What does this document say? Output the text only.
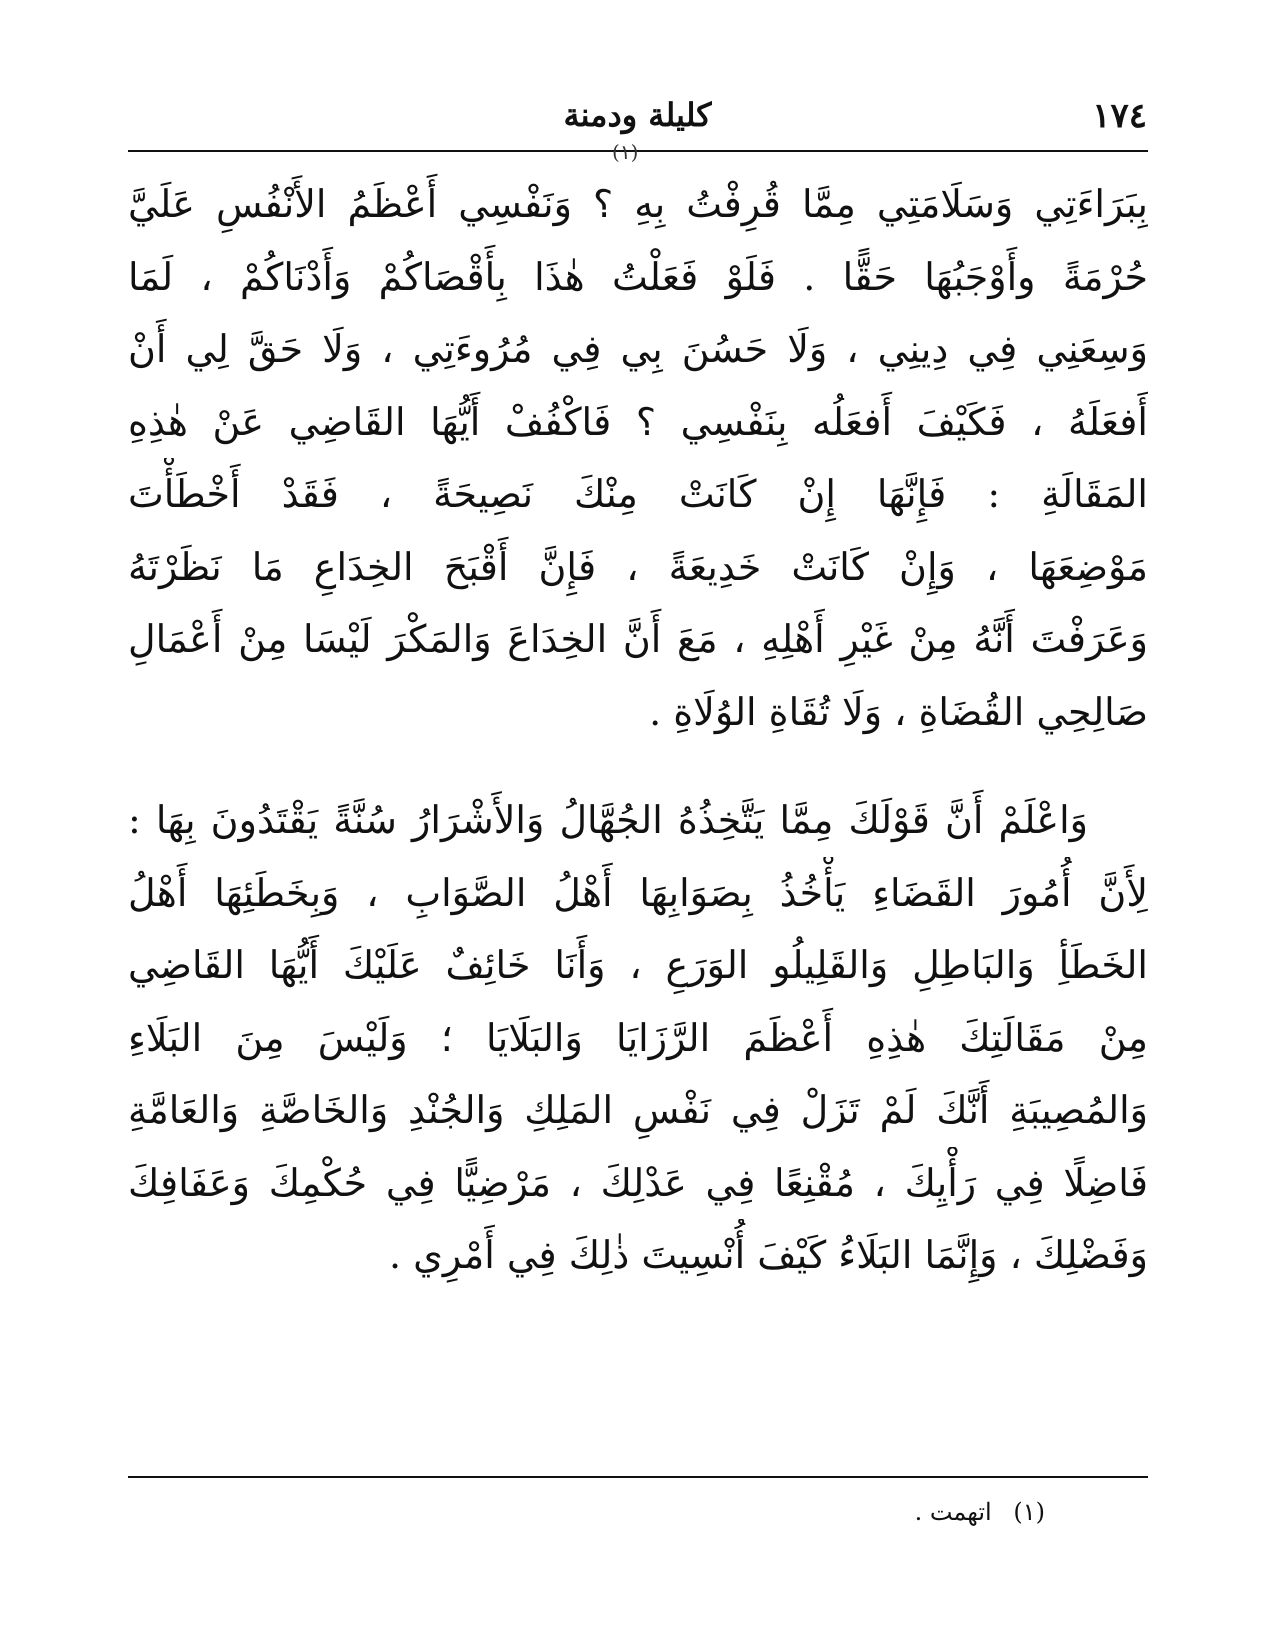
١٧٤
كليلة ودمنة
(١)
بِبَرَاءَتِي وَسَلَامَتِي مِمَّا قُرِفْتُ بِهِ ؟ وَنَفْسِي أَعْظَمُ الأَنْفُسِ عَلَيَّ
حُرْمَةً وأَوْجَبُهَا حَقًّا . فَلَوْ فَعَلْتُ هٰذَا بِأَقْصَاكُمْ وَأَدْنَاكُمْ ، لَمَا
وَسِعَنِي فِي دِينِي ، وَلَا حَسُنَ بِي فِي مُرُوءَتِي ، وَلَا حَقَّ لِي أَنْ
أَفعَلَهُ ، فَكَيْفَ أَفعَلُه بِنَفْسِي ؟ فَاكْفُفْ أَيُّهَا القَاضِي عَنْ هٰذِهِ
المَقَالَةِ : فَإِنَّهَا إِنْ كَانَتْ مِنْكَ نَصِيحَةً ، فَقَدْ أَخْطَأْتَ
مَوْضِعَهَا ، وَإِنْ كَانَتْ خَدِيعَةً ، فَإِنَّ أَقْبَحَ الخِدَاعِ مَا نَظَرْتَهُ
وَعَرَفْتَ أَنَّهُ مِنْ غَيْرِ أَهْلِهِ ، مَعَ أَنَّ الخِدَاعَ وَالمَكْرَ لَيْسَا مِنْ أَعْمَالِ
صَالِحِي القُضَاةِ ، وَلَا تُقَاةِ الوُلَاةِ .
وَاعْلَمْ أَنَّ قَوْلَكَ مِمَّا يَتَّخِذُهُ الجُهَّالُ وَالأَشْرَارُ سُنَّةً يَقْتَدُونَ بِهَا :
لِأَنَّ أُمُورَ القَضَاءِ يَأْخُذُ بِصَوَابِهَا أَهْلُ الصَّوَابِ ، وَبِخَطَئِهَا أَهْلُ
الخَطَأِ وَالبَاطِلِ وَالقَلِيلُو الوَرَعِ ، وَأَنَا خَائِفٌ عَلَيْكَ أَيُّهَا القَاضِي
مِنْ مَقَالَتِكَ هٰذِهِ أَعْظَمَ الرَّزَايَا وَالبَلَايَا ؛ وَلَيْسَ مِنَ البَلَاءِ
وَالمُصِيبَةِ أَنَّكَ لَمْ تَزَلْ فِي نَفْسِ المَلِكِ وَالجُنْدِ وَالخَاصَّةِ وَالعَامَّةِ
فَاضِلًا فِي رَأْيِكَ ، مُقْنِعًا فِي عَدْلِكَ ، مَرْضِيًّا فِي حُكْمِكَ وَعَفَافِكَ
وَفَضْلِكَ ، وَإِنَّمَا البَلَاءُ كَيْفَ أُنْسِيتَ ذٰلِكَ فِي أَمْرِي .
(١) اتهمت .
